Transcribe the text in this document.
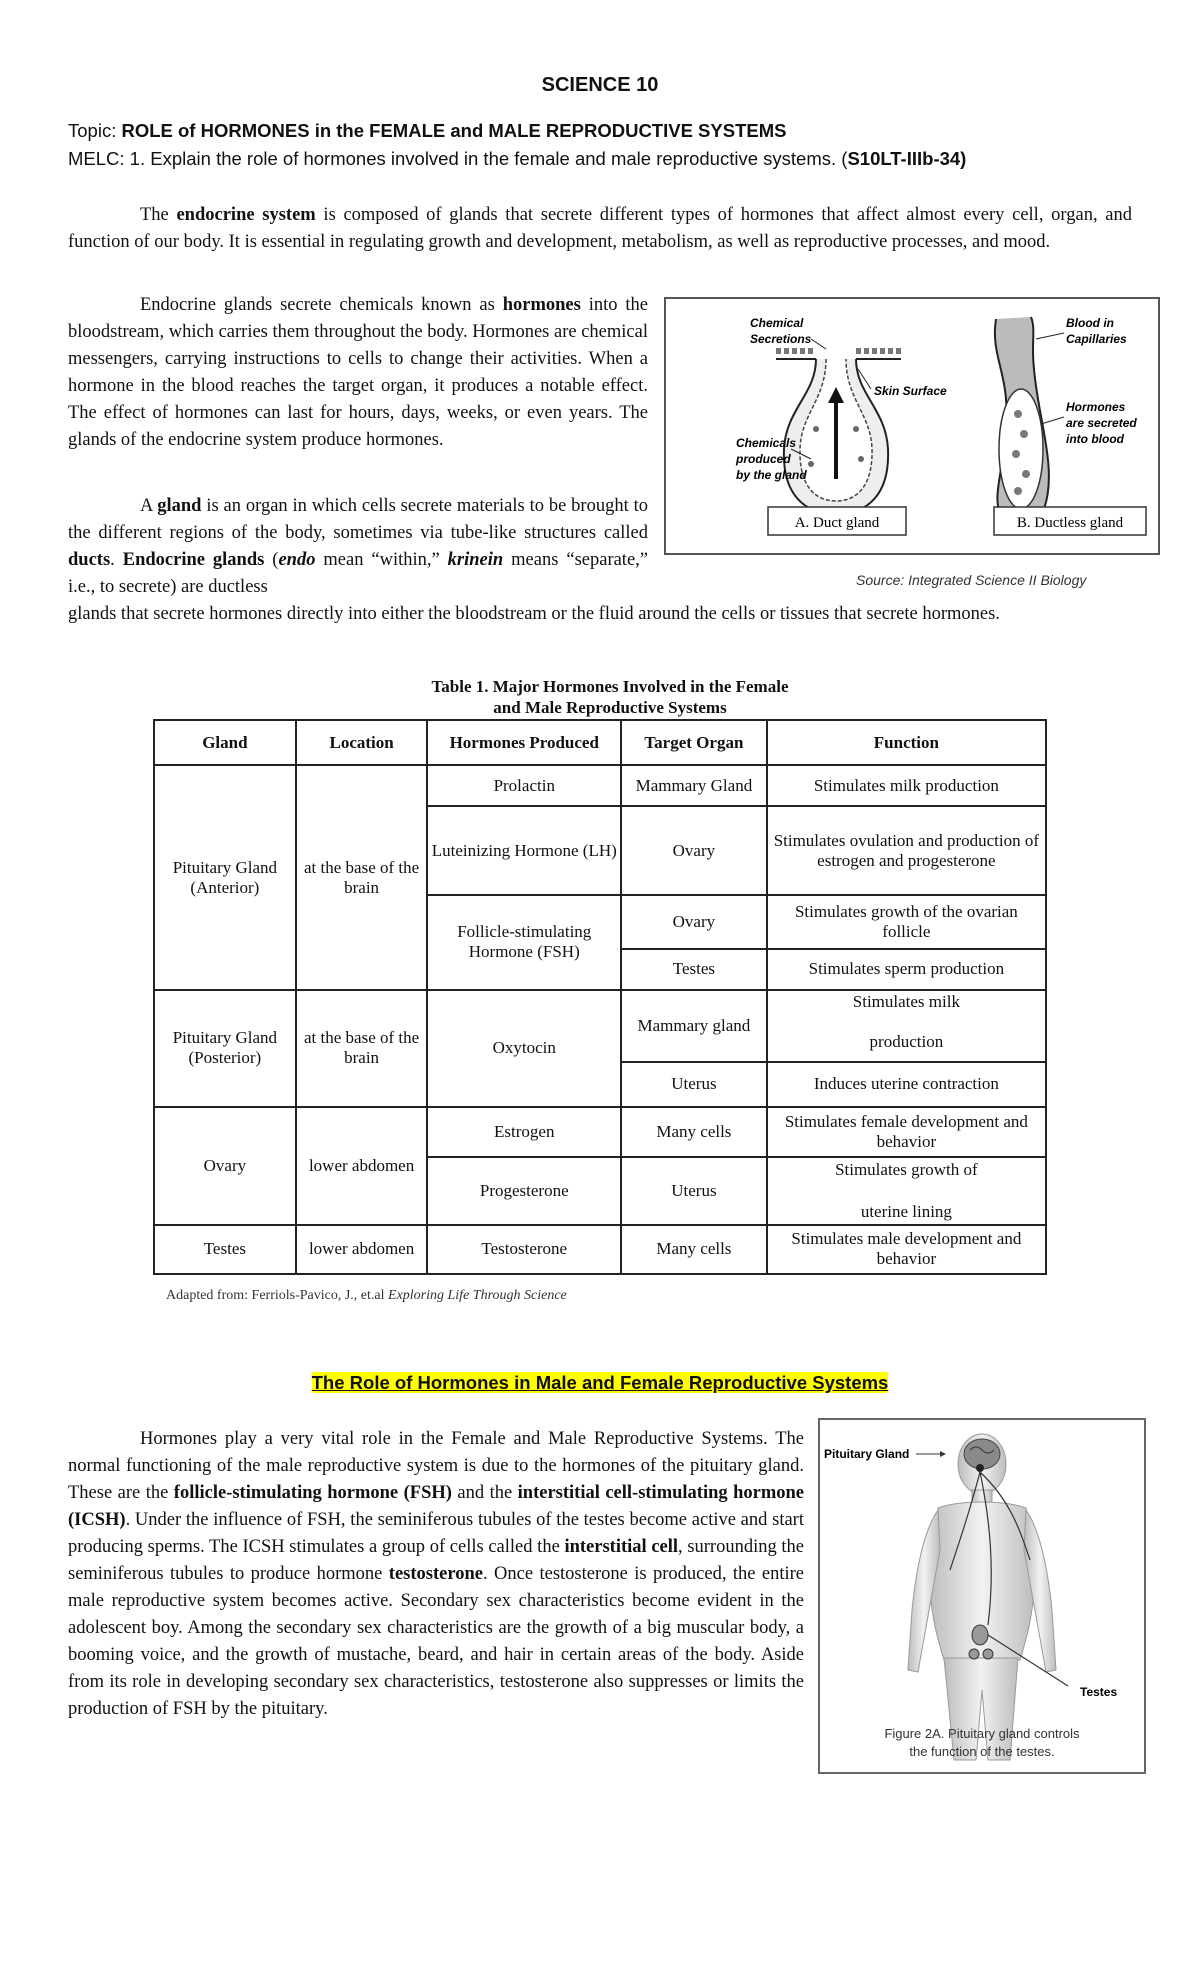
SCIENCE 10
Topic: ROLE of HORMONES in the FEMALE and MALE REPRODUCTIVE SYSTEMS
MELC: 1. Explain the role of hormones involved in the female and male reproductive systems. (S10LT-IIIb-34)

The endocrine system is composed of glands that secrete different types of hormones that affect almost every cell, organ, and function of our body. It is essential in regulating growth and development, metabolism, as well as reproductive processes, and mood.

Endocrine glands secrete chemicals known as hormones into the bloodstream, which carries them throughout the body. Hormones are chemical messengers, carrying instructions to cells to change their activities. When a hormone in the blood reaches the target organ, it produces a notable effect. The effect of hormones can last for hours, days, weeks, or even years. The glands of the endocrine system produce hormones.

A gland is an organ in which cells secrete materials to be brought to the different regions of the body, sometimes via tube-like structures called ducts. Endocrine glands (endo mean “within,” krinein means “separate,” i.e., to secrete) are ductless

glands that secrete hormones directly into either the bloodstream or the fluid around the cells or tissues that secrete hormones.

Chemical
Secretions
Skin Surface
Chemicals
produced
by the gland
Blood in
Capillaries
Hormones
are secreted
into blood
A. Duct gland	B. Ductless gland
Source: Integrated Science II Biology
Table 1. Major Hormones Involved in the Female
and Male Reproductive Systems
Gland	Location	Hormones Produced	Target Organ	Function
Pituitary Gland (Anterior)	at the base of the brain	Prolactin	Mammary Gland	Stimulates milk production
		Luteinizing Hormone (LH)	Ovary	Stimulates ovulation and production of estrogen and progesterone
		Follicle-stimulating Hormone (FSH)	Ovary	Stimulates growth of the ovarian follicle
			Testes	Stimulates sperm production
Pituitary Gland (Posterior)	at the base of the brain	Oxytocin	Mammary gland	Stimulates milk
production

			Uterus	Induces uterine contraction
Ovary	lower abdomen	Estrogen	Many cells	Stimulates female development and behavior
		Progesterone	Uterus	Stimulates growth of
uterine lining

Testes	lower abdomen	Testosterone	Many cells	Stimulates male development and behavior
Adapted from: Ferriols-Pavico, J., et.al Exploring Life Through Science
The Role of Hormones in Male and Female Reproductive Systems

Hormones play a very vital role in the Female and Male Reproductive Systems. The normal functioning of the male reproductive system is due to the hormones of the pituitary gland. These are the follicle-stimulating hormone (FSH) and the interstitial cell-stimulating hormone (ICSH). Under the influence of FSH, the seminiferous tubules of the testes become active and start producing sperms. The ICSH stimulates a group of cells called the interstitial cell, surrounding the seminiferous tubules to produce hormone testosterone. Once testosterone is produced, the entire male reproductive system becomes active. Secondary sex characteristics become evident in the adolescent boy. Among the secondary sex characteristics are the growth of a big muscular body, a booming voice, and the growth of mustache, beard, and hair in certain areas of the body. Aside from its role in developing secondary sex characteristics, testosterone also suppresses or limits the production of FSH by the pituitary.

Pituitary Gland
Testes
Figure 2A. Pituitary gland controls
the function of the testes.
